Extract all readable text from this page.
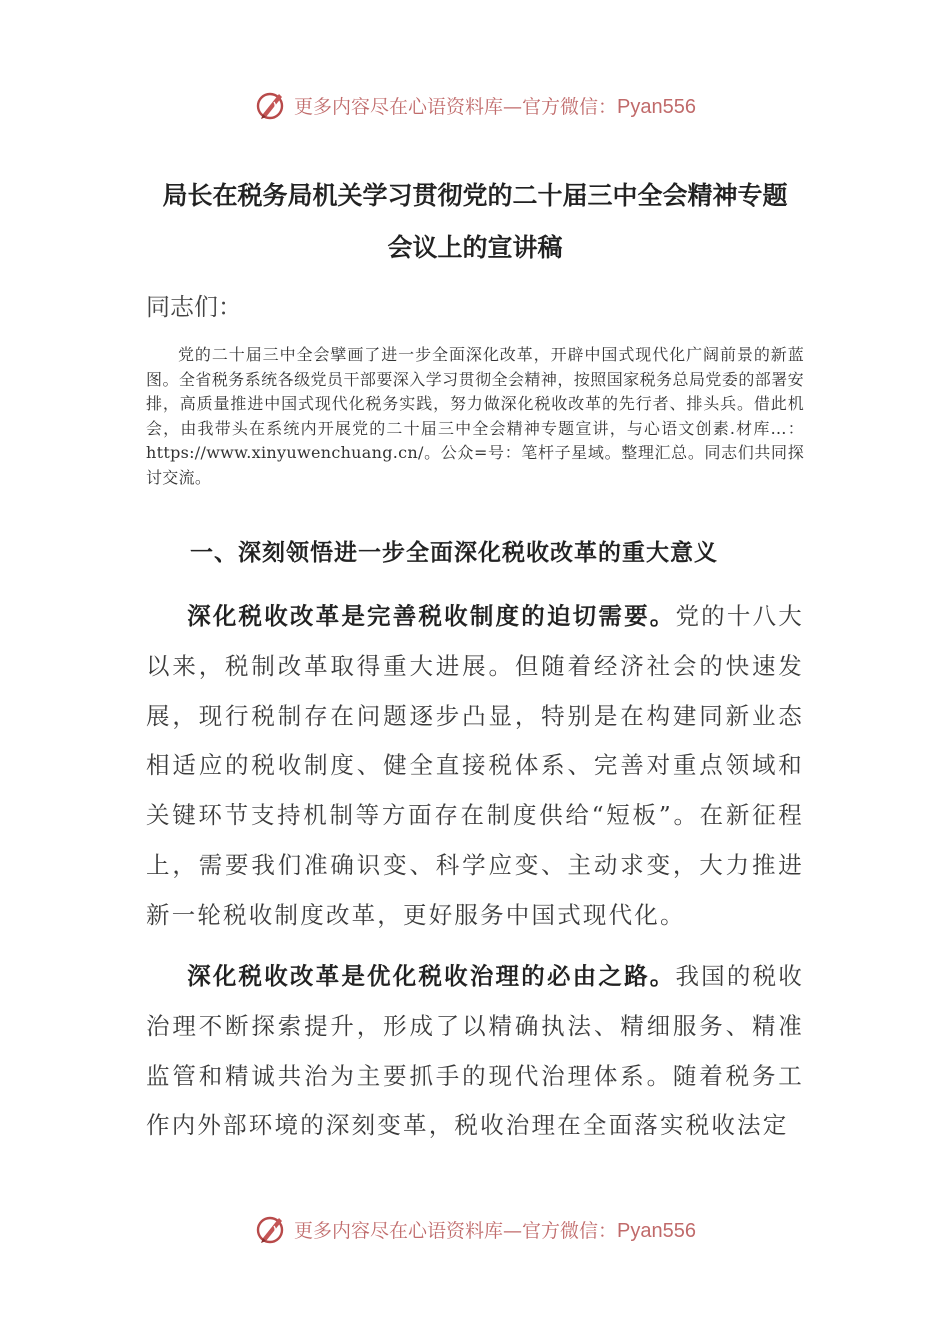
更多内容尽在心语资料库—官方微信：Pyan556
局长在税务局机关学习贯彻党的二十届三中全会精神专题
会议上的宣讲稿
同志们：

党的二十届三中全会擘画了进一步全面深化改革，开辟中国式现代化广阔前景的新蓝图。全省税务系统各级党员干部要深入学习贯彻全会精神，按照国家税务总局党委的部署安排，高质量推进中国式现代化税务实践，努力做深化税收改革的先行者、排头兵。借此机会，由我带头在系统内开展党的二十届三中全会精神专题宣讲，与心语文创素.材库…：https://www.xinyuwenchuang.cn/。公众=号：笔杆子星域。整理汇总。同志们共同探讨交流。

一、深刻领悟进一步全面深化税收改革的重大意义

深化税收改革是完善税收制度的迫切需要。党的十八大以来，税制改革取得重大进展。但随着经济社会的快速发展，现行税制存在问题逐步凸显，特别是在构建同新业态相适应的税收制度、健全直接税体系、完善对重点领域和关键环节支持机制等方面存在制度供给“短板”。在新征程上，需要我们准确识变、科学应变、主动求变，大力推进新一轮税收制度改革，更好服务中国式现代化。

深化税收改革是优化税收治理的必由之路。我国的税收治理不断探索提升，形成了以精确执法、精细服务、精准监管和精诚共治为主要抓手的现代治理体系。随着税务工作内外部环境的深刻变革，税收治理在全面落实税收法定

更多内容尽在心语资料库—官方微信：Pyan556
